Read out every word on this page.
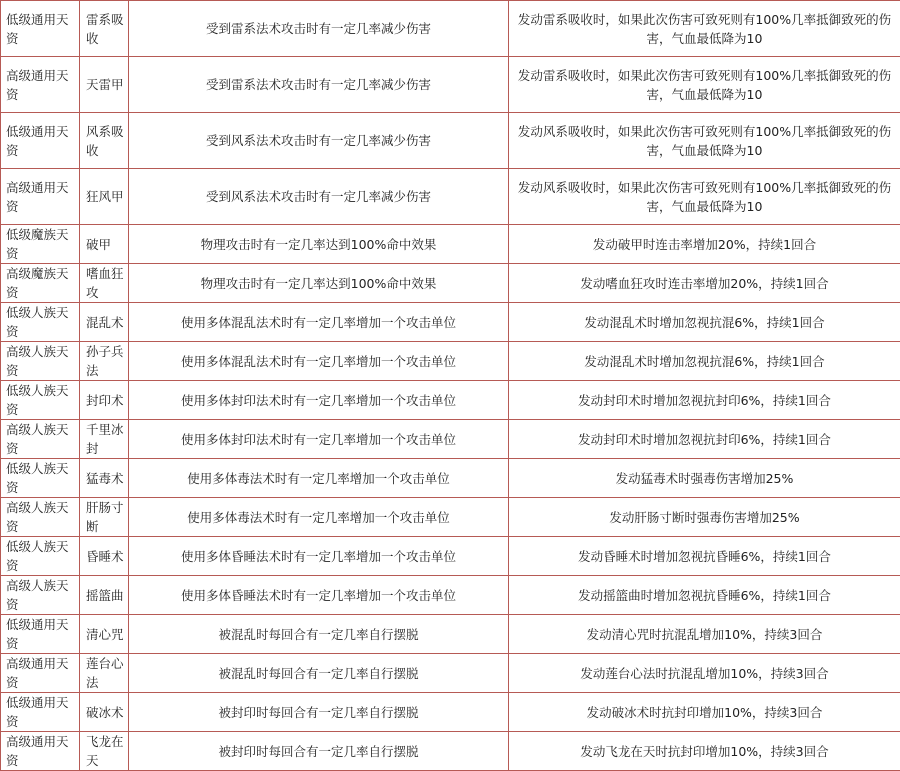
低级通用天资	雷系吸收	受到雷系法术攻击时有一定几率减少伤害	发动雷系吸收时，如果此次伤害可致死则有100%几率抵御致死的伤害，气血最低降为10
高级通用天资	天雷甲	受到雷系法术攻击时有一定几率减少伤害	发动雷系吸收时，如果此次伤害可致死则有100%几率抵御致死的伤害，气血最低降为10
低级通用天资	风系吸收	受到风系法术攻击时有一定几率减少伤害	发动风系吸收时，如果此次伤害可致死则有100%几率抵御致死的伤害，气血最低降为10
高级通用天资	狂风甲	受到风系法术攻击时有一定几率减少伤害	发动风系吸收时，如果此次伤害可致死则有100%几率抵御致死的伤害，气血最低降为10
低级魔族天资	破甲	物理攻击时有一定几率达到100%命中效果	发动破甲时连击率增加20%，持续1回合
高级魔族天资	嗜血狂攻	物理攻击时有一定几率达到100%命中效果	发动嗜血狂攻时连击率增加20%，持续1回合
低级人族天资	混乱术	使用多体混乱法术时有一定几率增加一个攻击单位	发动混乱术时增加忽视抗混6%，持续1回合
高级人族天资	孙子兵法	使用多体混乱法术时有一定几率增加一个攻击单位	发动混乱术时增加忽视抗混6%，持续1回合
低级人族天资	封印术	使用多体封印法术时有一定几率增加一个攻击单位	发动封印术时增加忽视抗封印6%，持续1回合
高级人族天资	千里冰封	使用多体封印法术时有一定几率增加一个攻击单位	发动封印术时增加忽视抗封印6%，持续1回合
低级人族天资	猛毒术	使用多体毒法术时有一定几率增加一个攻击单位	发动猛毒术时强毒伤害增加25%
高级人族天资	肝肠寸断	使用多体毒法术时有一定几率增加一个攻击单位	发动肝肠寸断时强毒伤害增加25%
低级人族天资	昏睡术	使用多体昏睡法术时有一定几率增加一个攻击单位	发动昏睡术时增加忽视抗昏睡6%，持续1回合
高级人族天资	摇篮曲	使用多体昏睡法术时有一定几率增加一个攻击单位	发动摇篮曲时增加忽视抗昏睡6%，持续1回合
低级通用天资	清心咒	被混乱时每回合有一定几率自行摆脱	发动清心咒时抗混乱增加10%，持续3回合
高级通用天资	莲台心法	被混乱时每回合有一定几率自行摆脱	发动莲台心法时抗混乱增加10%，持续3回合
低级通用天资	破冰术	被封印时每回合有一定几率自行摆脱	发动破冰术时抗封印增加10%，持续3回合
高级通用天资	飞龙在天	被封印时每回合有一定几率自行摆脱	发动飞龙在天时抗封印增加10%，持续3回合
